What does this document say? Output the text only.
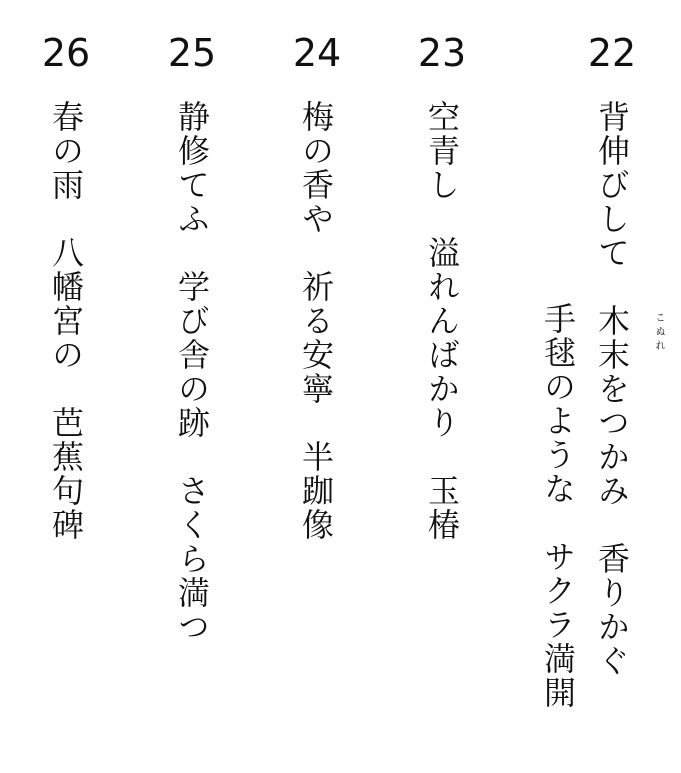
26
春の雨　八幡宮の　芭蕉句碑
25
静修てふ　学び舎の跡　さくら満つ
24
梅の香や　祈る安寧　半跏像
23
空青し　溢れんばかり　玉椿
22
背伸びして　木末をつかみ　香りかぐ こぬれ
手毬のような　サクラ満開
